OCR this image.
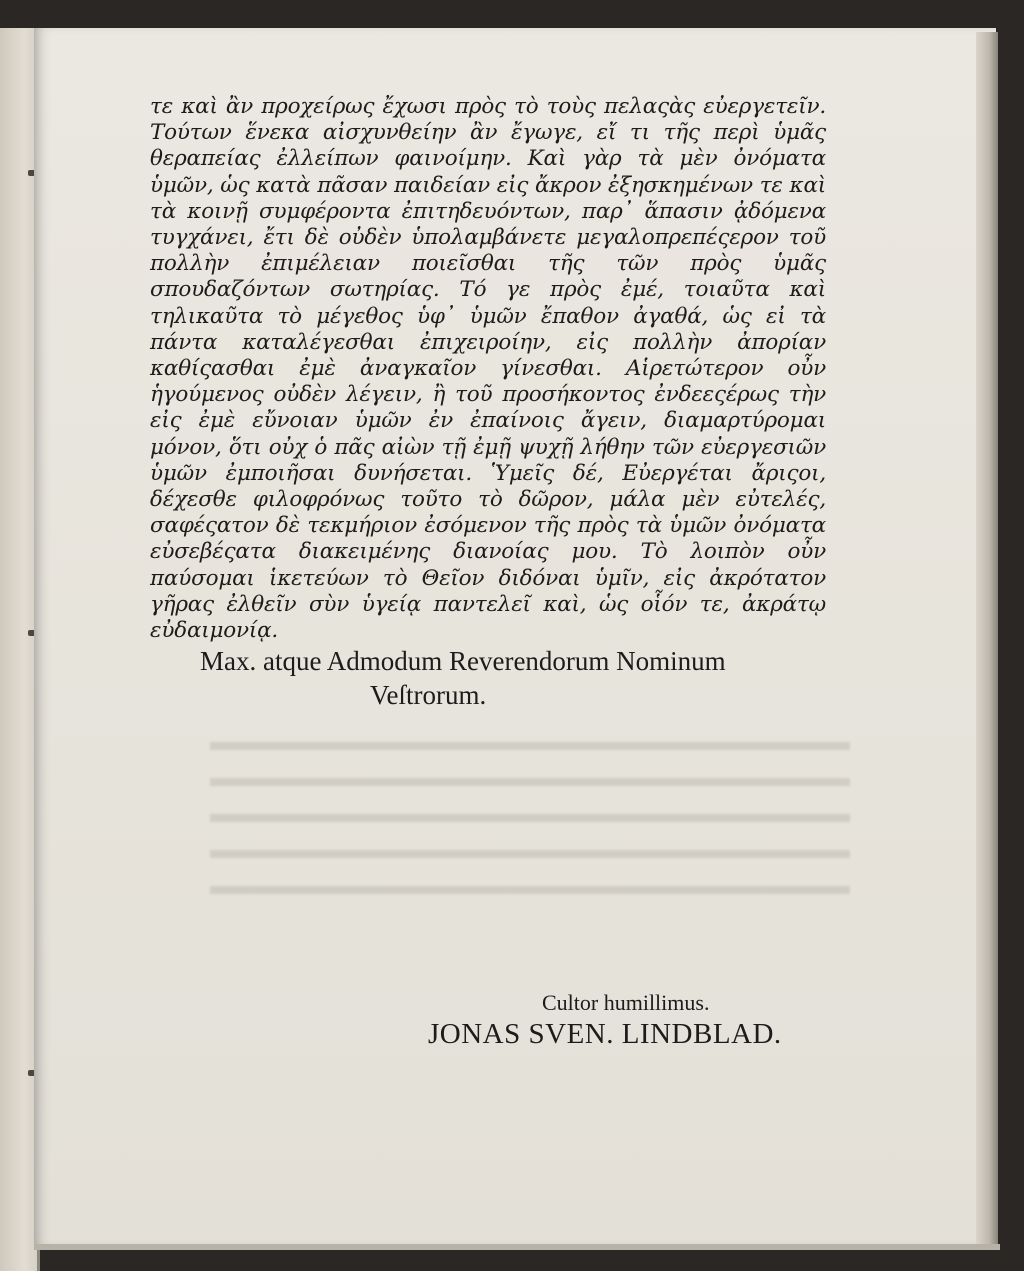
τε καὶ ἂν προχείρως ἔχωσι πρὸς τὸ τοὺς πελαςὰς εὐεργετεῖν. Τούτων ἕνεκα αἰσχυνθείην ἂν ἔγωγε, εἴ τι τῆς περὶ ὑμᾶς θεραπείας ἐλλείπων φαινοίμην. Καὶ γὰρ τὰ μὲν ὀνόματα ὑμῶν, ὡς κατὰ πᾶσαν παιδείαν εἰς ἄκρον ἐξησκημένων τε καὶ τὰ κοινῇ συμφέροντα ἐπιτηδευόντων, παρ᾽ ἅπασιν ᾀδόμενα τυγχάνει, ἔτι δὲ οὐδὲν ὑπολαμβάνετε μεγαλοπρεπέςερον τοῦ πολλὴν ἐπιμέλειαν ποιεῖσθαι τῆς τῶν πρὸς ὑμᾶς σπουδαζόντων σωτηρίας. Τό γε πρὸς ἐμέ, τοιαῦτα καὶ τηλικαῦτα τὸ μέγεθος ὑφ᾽ ὑμῶν ἔπαθον ἀγαθά, ὡς εἰ τὰ πάντα καταλέγεσθαι ἐπιχειροίην, εἰς πολλὴν ἀπορίαν καθίςασθαι ἐμὲ ἀναγκαῖον γίνεσθαι. Αἱρετώτερον οὖν ἡγούμενος οὐδὲν λέγειν, ἢ τοῦ προσήκοντος ἐνδεεςέρως τὴν εἰς ἐμὲ εὔνοιαν ὑμῶν ἐν ἐπαίνοις ἄγειν, διαμαρτύρομαι μόνον, ὅτι οὐχ ὁ πᾶς αἰὼν τῇ ἐμῇ ψυχῇ λήθην τῶν εὐεργεσιῶν ὑμῶν ἐμποιῆσαι δυνήσεται. Ὑμεῖς δέ, Εὐεργέται ἄριςοι, δέχεσθε φιλοφρόνως τοῦτο τὸ δῶρον, μάλα μὲν εὐτελές, σαφέςατον δὲ τεκμήριον ἐσόμενον τῆς πρὸς τὰ ὑμῶν ὀνόματα εὐσεβέςατα διακειμένης διανοίας μου. Τὸ λοιπὸν οὖν παύσομαι ἱκετεύων τὸ Θεῖον διδόναι ὑμῖν, εἰς ἀκρότατον γῆρας ἐλθεῖν σὺν ὑγείᾳ παντελεῖ καὶ, ὡς οἷόν τε, ἀκράτῳ εὐδαιμονίᾳ.

Max. atque Admodum Reverendorum Nominum
Veſtrorum.

Cultor humillimus.

JONAS SVEN. LINDBLAD.
